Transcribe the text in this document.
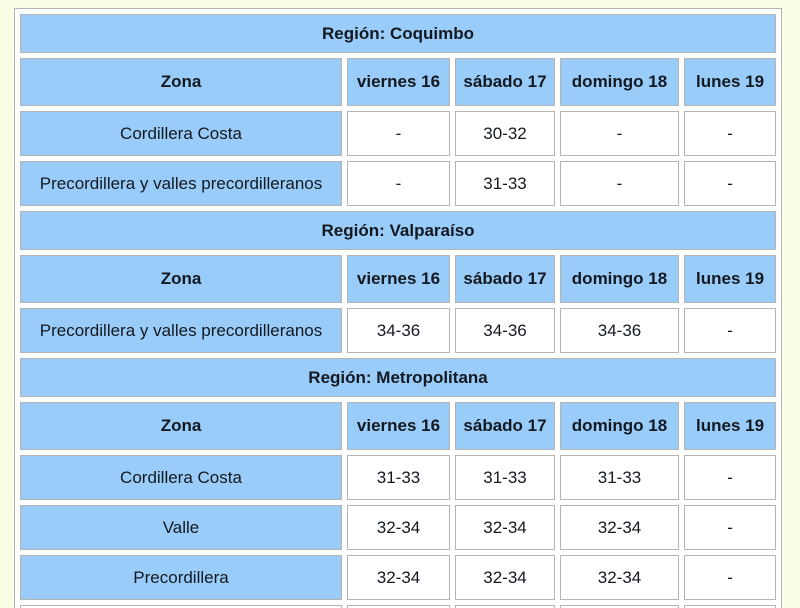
Región: Coquimbo				
Zona	viernes 16	sábado 17	domingo 18	lunes 19
Cordillera Costa	-	30-32	-	-
Precordillera y valles precordilleranos	-	31-33	-	-
Región: Valparaíso				
Zona	viernes 16	sábado 17	domingo 18	lunes 19
Precordillera y valles precordilleranos	34-36	34-36	34-36	-
Región: Metropolitana				
Zona	viernes 16	sábado 17	domingo 18	lunes 19
Cordillera Costa	31-33	31-33	31-33	-
Valle	32-34	32-34	32-34	-
Precordillera	32-34	32-34	32-34	-
